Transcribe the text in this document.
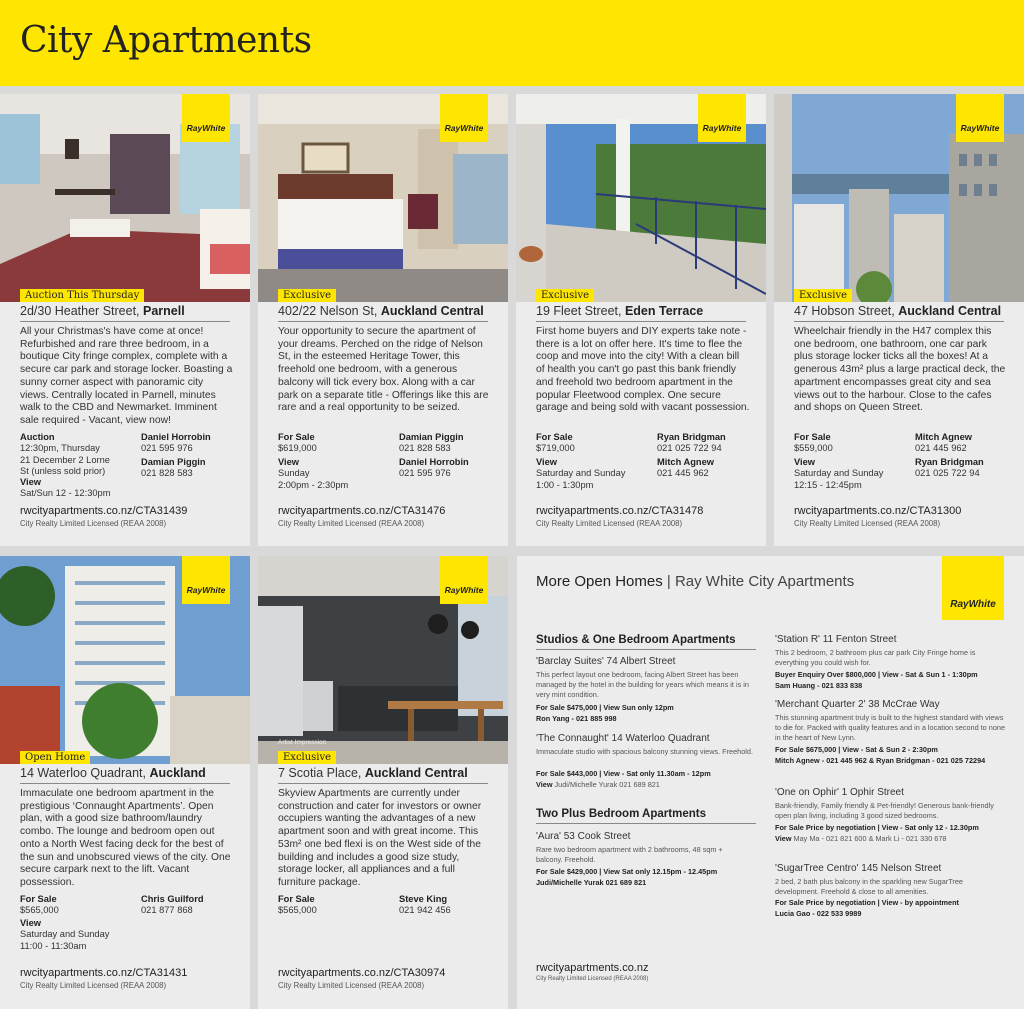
City Apartments
RayWhite
Auction This Thursday
2d/30 Heather Street, Parnell
All your Christmas's have come at once! Refurbished and rare three bedroom, in a boutique City fringe complex, complete with a secure car park and storage locker. Boasting a sunny corner aspect with panoramic city views. Centrally located in Parnell, minutes walk to the CBD and Newmarket. Imminent sale required - Vacant, view now!
Auction
12:30pm, Thursday
21 December 2 Lorne
St (unless sold prior)
View
Sat/Sun 12 - 12:30pm
Daniel Horrobin
021 595 976
Damian Piggin
021 828 583
rwcityapartments.co.nz/CTA31439
City Realty Limited Licensed (REAA 2008)
RayWhite
Exclusive
402/22 Nelson St, Auckland Central
Your opportunity to secure the apartment of your dreams. Perched on the ridge of Nelson St, in the esteemed Heritage Tower, this freehold one bedroom, with a generous balcony will tick every box. Along with a car park on a separate title - Offerings like this are rare and a real opportunity to be seized.
For Sale
$619,000
View
Sunday
2:00pm - 2:30pm
Damian Piggin
021 828 583
Daniel Horrobin
021 595 976
rwcityapartments.co.nz/CTA31476
City Realty Limited Licensed (REAA 2008)
RayWhite
Exclusive
19 Fleet Street, Eden Terrace
First home buyers and DIY experts take note - there is a lot on offer here. It's time to flee the coop and move into the city! With a clean bill of health you can't go past this bank friendly and freehold two bedroom apartment in the popular Fleetwood complex. One secure garage and being sold with vacant possession.
For Sale
$719,000
View
Saturday and Sunday
1:00 - 1:30pm
Ryan Bridgman
021 025 722 94
Mitch Agnew
021 445 962
rwcityapartments.co.nz/CTA31478
City Realty Limited Licensed (REAA 2008)
RayWhite
Exclusive
47 Hobson Street, Auckland Central
Wheelchair friendly in the H47 complex this one bedroom, one bathroom, one car park plus storage locker ticks all the boxes! At a generous 43m² plus a large practical deck, the apartment encompasses great city and sea views out to the harbour. Close to the cafes and shops on Queen Street.
For Sale
$559,000
View
Saturday and Sunday
12:15 - 12:45pm
Mitch Agnew
021 445 962
Ryan Bridgman
021 025 722 94
rwcityapartments.co.nz/CTA31300
City Realty Limited Licensed (REAA 2008)
RayWhite
Open Home
14 Waterloo Quadrant, Auckland
Immaculate one bedroom apartment in the prestigious ‘Connaught Apartments’. Open plan, with a good size bathroom/laundry combo. The lounge and bedroom open out onto a North West facing deck for the best of the sun and unobscured views of the city. One secure carpark next to the lift. Vacant possession.
For Sale
$565,000
View
Saturday and Sunday
11:00 - 11:30am
Chris Guilford
021 877 868
rwcityapartments.co.nz/CTA31431
City Realty Limited Licensed (REAA 2008)
RayWhite
Artist Impression
Exclusive
7 Scotia Place, Auckland Central
Skyview Apartments are currently under construction and cater for investors or owner occupiers wanting the advantages of a new apartment soon and with great income. This 53m² one bed flexi is on the West side of the building and includes a good size study, storage locker, all appliances and a full furniture package.
For Sale
$565,000
Steve King
021 942 456
rwcityapartments.co.nz/CTA30974
City Realty Limited Licensed (REAA 2008)
More Open Homes | Ray White City Apartments
RayWhite
Studios & One Bedroom Apartments
'Barclay Suites' 74 Albert Street
This perfect layout one bedroom, facing Albert Street has been managed by the hotel in the building for years which means it is in very mint condition.
For Sale $475,000 | View Sun only 12pm
Ron Yang - 021 885 998
'The Connaught' 14 Waterloo Quadrant
Immaculate studio with spacious balcony stunning views. Freehold.
For Sale $443,000 | View - Sat only 11.30am - 12pm
View Judi/Michelle Yurak 021 689 821
Two Plus Bedroom Apartments
'Aura' 53 Cook Street
Rare two bedroom apartment with 2 bathrooms, 48 sqm + balcony. Freehold.
For Sale $429,000 | View Sat only 12.15pm - 12.45pm
Judi/Michelle Yurak 021 689 821
'Station R' 11 Fenton Street
This 2 bedroom, 2 bathroom plus car park City Fringe home is everything you could wish for.
Buyer Enquiry Over $800,000 | View - Sat & Sun 1 - 1:30pm
Sam Huang - 021 833 838
'Merchant Quarter 2' 38 McCrae Way
This stunning apartment truly is built to the highest standard with views to die for. Packed with quality features and in a location second to none in the heart of New Lynn.
For Sale $675,000 | View - Sat & Sun 2 - 2:30pm
Mitch Agnew - 021 445 962 & Ryan Bridgman - 021 025 72294
'One on Ophir' 1 Ophir Street
Bank-friendly, Family friendly & Pet-friendly! Generous bank-friendly open plan living, including 3 good sized bedrooms.
For Sale Price by negotiation | View - Sat only 12 - 12.30pm
View May Ma - 021 821 600 & Mark Li - 021 330 678
'SugarTree Centro' 145 Nelson Street
2 bed, 2 bath plus balcony in the sparkling new SugarTree development. Freehold & close to all amenities.
For Sale Price by negotiation | View - by appointment
Lucia Gao - 022 533 9989
rwcityapartments.co.nz
City Realty Limited Licensed (REAA 2008)
